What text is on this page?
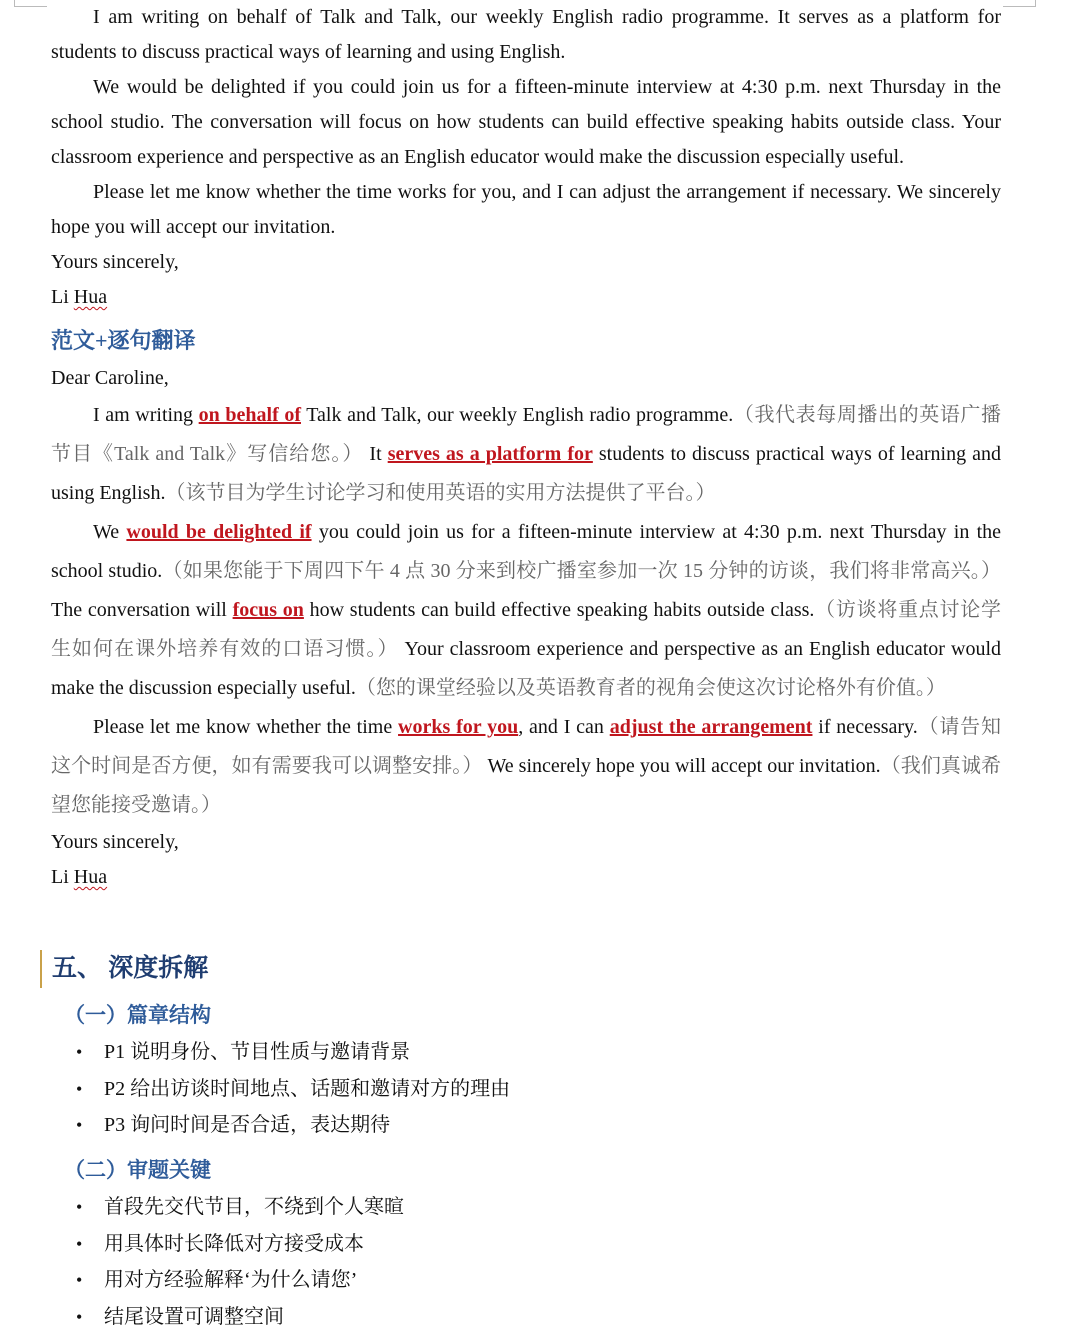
I am writing on behalf of Talk and Talk, our weekly English radio programme. It serves as a platform for students to discuss practical ways of learning and using English.

We would be delighted if you could join us for a fifteen-minute interview at 4:30 p.m. next Thursday in the school studio. The conversation will focus on how students can build effective speaking habits outside class. Your classroom experience and perspective as an English educator would make the discussion especially useful.

Please let me know whether the time works for you, and I can adjust the arrangement if necessary. We sincerely hope you will accept our invitation.

Yours sincerely,

Li Hua

范文+逐句翻译

Dear Caroline,

I am writing on behalf of Talk and Talk, our weekly English radio programme.（我代表每周播出的英语广播节目《Talk and Talk》写信给您。） It serves as a platform for students to discuss practical ways of learning and using English.（该节目为学生讨论学习和使用英语的实用方法提供了平台。）

We would be delighted if you could join us for a fifteen-minute interview at 4:30 p.m. next Thursday in the school studio.（如果您能于下周四下午 4 点 30 分来到校广播室参加一次 15 分钟的访谈，我们将非常高兴。） The conversation will focus on how students can build effective speaking habits outside class.（访谈将重点讨论学生如何在课外培养有效的口语习惯。） Your classroom experience and perspective as an English educator would make the discussion especially useful.（您的课堂经验以及英语教育者的视角会使这次讨论格外有价值。）

Please let me know whether the time works for you, and I can adjust the arrangement if necessary.（请告知这个时间是否方便，如有需要我可以调整安排。） We sincerely hope you will accept our invitation.（我们真诚希望您能接受邀请。）

Yours sincerely,

Li Hua

五、 深度拆解
（一）篇章结构
• P1 说明身份、节目性质与邀请背景
• P2 给出访谈时间地点、话题和邀请对方的理由
• P3 询问时间是否合适，表达期待
（二）审题关键
• 首段先交代节目，不绕到个人寒暄
• 用具体时长降低对方接受成本
• 用对方经验解释‘为什么请您’
• 结尾设置可调整空间
